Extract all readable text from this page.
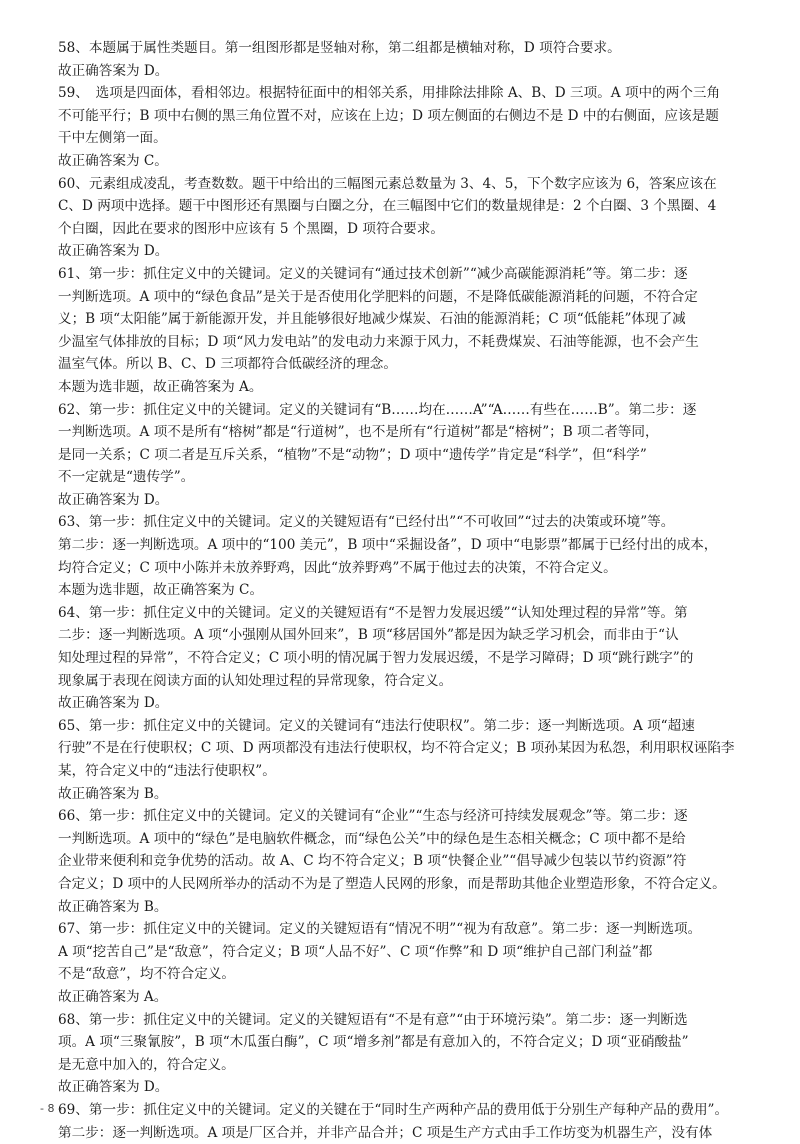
58、本题属于属性类题目。第一组图形都是竖轴对称，第二组都是横轴对称，D 项符合要求。
故正确答案为 D。
59、　选项是四面体，看相邻边。根据特征面中的相邻关系，用排除法排除 A、B、D 三项。A 项中的两个三角
不可能平行；B 项中右侧的黑三角位置不对，应该在上边；D 项左侧面的右侧边不是 D 中的右侧面，应该是题
干中左侧第一面。
故正确答案为 C。
60、元素组成凌乱，考查数数。题干中给出的三幅图元素总数量为 3、4、5，下个数字应该为 6，答案应该在
C、D 两项中选择。题干中图形还有黑圈与白圈之分，在三幅图中它们的数量规律是：2 个白圈、3 个黑圈、4
个白圈，因此在要求的图形中应该有 5 个黑圈，D 项符合要求。
故正确答案为 D。
61、第一步：抓住定义中的关键词。定义的关键词有“通过技术创新”“减少高碳能源消耗”等。第二步：逐
一判断选项。A 项中的“绿色食品”是关于是否使用化学肥料的问题，不是降低碳能源消耗的问题，不符合定
义；B 项“太阳能”属于新能源开发，并且能够很好地减少煤炭、石油的能源消耗；C 项“低能耗”体现了减
少温室气体排放的目标；D 项“风力发电站”的发电动力来源于风力，不耗费煤炭、石油等能源，也不会产生
温室气体。所以 B、C、D 三项都符合低碳经济的理念。
本题为选非题，故正确答案为 A。
62、第一步：抓住定义中的关键词。定义的关键词有“B……均在……A”“A……有些在……B”。第二步：逐
一判断选项。A 项不是所有“榕树”都是“行道树”，也不是所有“行道树”都是“榕树”；B 项二者等同，
是同一关系；C 项二者是互斥关系，“植物”不是“动物”；D 项中“遗传学”肯定是“科学”，但“科学”
不一定就是“遗传学”。
故正确答案为 D。
63、第一步：抓住定义中的关键词。定义的关键短语有“已经付出”“不可收回”“过去的决策或环境”等。
第二步：逐一判断选项。A 项中的“100 美元”，B 项中“采掘设备”，D 项中“电影票”都属于已经付出的成本，
均符合定义；C 项中小陈并未放养野鸡，因此“放养野鸡”不属于他过去的决策，不符合定义。
本题为选非题，故正确答案为 C。
64、第一步：抓住定义中的关键词。定义的关键短语有“不是智力发展迟缓”“认知处理过程的异常”等。第
二步：逐一判断选项。A 项“小强刚从国外回来”，B 项“移居国外”都是因为缺乏学习机会，而非由于“认
知处理过程的异常”，不符合定义；C 项小明的情况属于智力发展迟缓，不是学习障碍；D 项“跳行跳字”的
现象属于表现在阅读方面的认知处理过程的异常现象，符合定义。
故正确答案为 D。
65、第一步：抓住定义中的关键词。定义的关键词有“违法行使职权”。第二步：逐一判断选项。A 项“超速
行驶”不是在行使职权；C 项、D 两项都没有违法行使职权，均不符合定义；B 项孙某因为私怨，利用职权诬陷李
某，符合定义中的“违法行使职权”。
故正确答案为 B。
66、第一步：抓住定义中的关键词。定义的关键词有“企业”“生态与经济可持续发展观念”等。第二步：逐
一判断选项。A 项中的“绿色”是电脑软件概念，而“绿色公关”中的绿色是生态相关概念；C 项中都不是给
企业带来便利和竞争优势的活动。故 A、C 均不符合定义；B 项“快餐企业”“倡导减少包装以节约资源”符
合定义；D 项中的人民网所举办的活动不为是了塑造人民网的形象，而是帮助其他企业塑造形象，不符合定义。
故正确答案为 B。
67、第一步：抓住定义中的关键词。定义的关键短语有“情况不明”“视为有敌意”。第二步：逐一判断选项。
A 项“挖苦自己”是“敌意”，符合定义；B 项“人品不好”、C 项“作弊”和 D 项“维护自己部门利益”都
不是“敌意”，均不符合定义。
故正确答案为 A。
68、第一步：抓住定义中的关键词。定义的关键短语有“不是有意”“由于环境污染”。第二步：逐一判断选
项。A 项“三聚氰胺”，B 项“木瓜蛋白酶”，C 项“增多剂”都是有意加入的，不符合定义；D 项“亚硝酸盐”
是无意中加入的，符合定义。
故正确答案为 D。
69、第一步：抓住定义中的关键词。定义的关键在于“同时生产两种产品的费用低于分别生产每种产品的费用”。
第二步：逐一判断选项。A 项是厂区合并，并非产品合并；C 项是生产方式由手工作坊变为机器生产，没有体
- 8 -
